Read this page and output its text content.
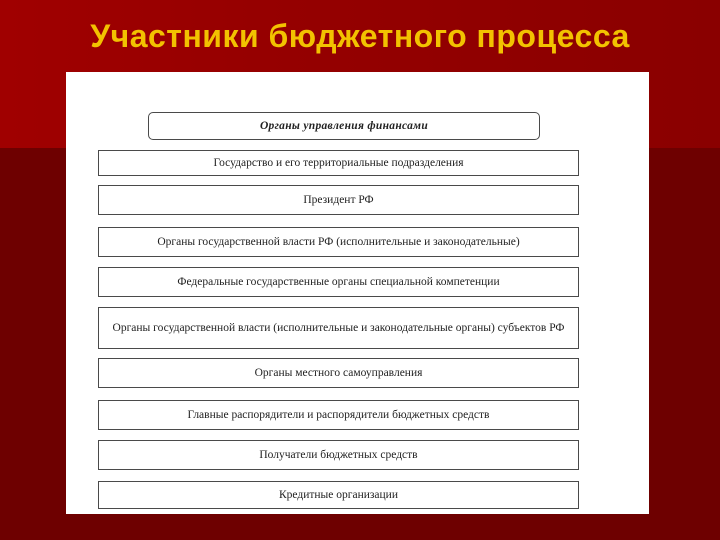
Участники бюджетного процесса
Органы управления финансами
Государство и его территориальные подразделения
Президент РФ
Органы государственной власти РФ (исполнительные и законодательные)
Федеральные государственные органы специальной компетенции
Органы государственной власти (исполнительные и законодательные органы) субъектов РФ
Органы местного самоуправления
Главные распорядители и распорядители бюджетных средств
Получатели бюджетных средств
Кредитные организации
